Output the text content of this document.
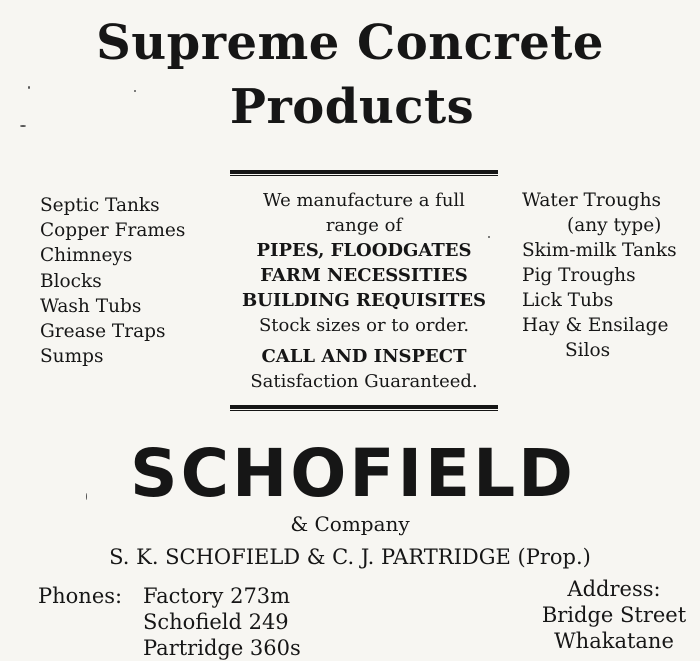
Supreme Concrete
Products
Septic Tanks
Copper Frames
Chimneys
Blocks
Wash Tubs
Grease Traps
Sumps
We manufacture a full
range of
PIPES, FLOODGATES
FARM NECESSITIES
BUILDING REQUISITES
Stock sizes or to order.
CALL AND INSPECT
Satisfaction Guaranteed.
Water Troughs
(any type)
Skim-milk Tanks
Pig Troughs
Lick Tubs
Hay & Ensilage
Silos
SCHOFIELD
& Company
S. K. SCHOFIELD & C. J. PARTRIDGE (Prop.)
Phones: Factory 273m
Schofield 249
Partridge 360s
Address:
Bridge Street
Whakatane
